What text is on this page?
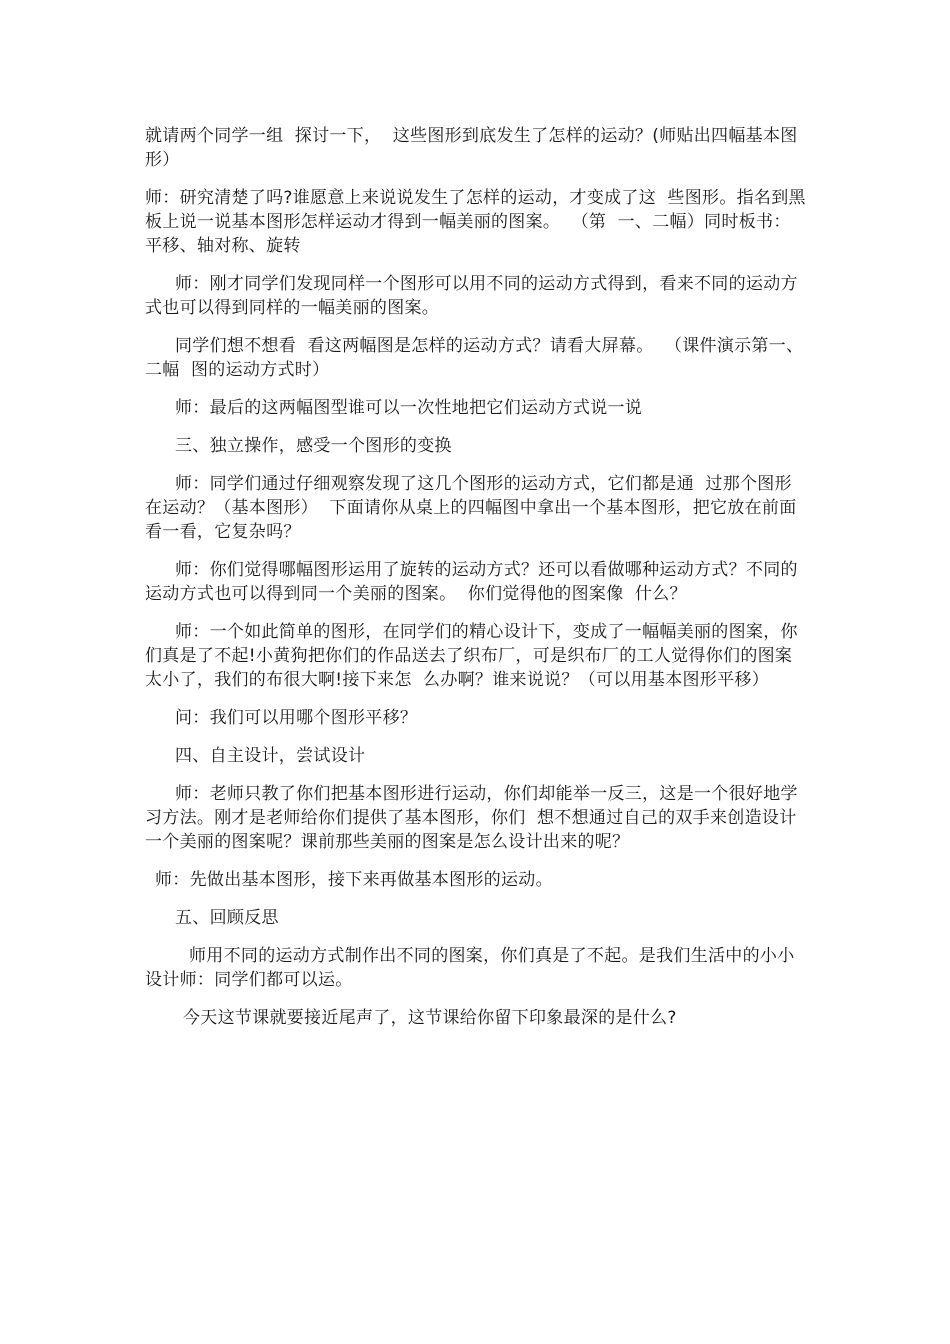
就请两个同学一组  探讨一下，  这些图形到底发生了怎样的运动？(师贴出四幅基本图形）

师：研究清楚了吗?谁愿意上来说说发生了怎样的运动，才变成了这  些图形。指名到黑板上说一说基本图形怎样运动才得到一幅美丽的图案。  （第  一、二幅）同时板书：平移、轴对称、旋转

师：刚才同学们发现同样一个图形可以用不同的运动方式得到，看来不同的运动方式也可以得到同样的一幅美丽的图案。

同学们想不想看  看这两幅图是怎样的运动方式？请看大屏幕。  （课件演示第一、二幅  图的运动方式时）

师：最后的这两幅图型谁可以一次性地把它们运动方式说一说

三、独立操作，感受一个图形的变换

师：同学们通过仔细观察发现了这几个图形的运动方式，它们都是通  过那个图形在运动？（基本图形）  下面请你从桌上的四幅图中拿出一个基本图形，把它放在前面看一看，它复杂吗？

师：你们觉得哪幅图形运用了旋转的运动方式？还可以看做哪种运动方式？不同的运动方式也可以得到同一个美丽的图案。  你们觉得他的图案像  什么？

师：一个如此简单的图形，在同学们的精心设计下，变成了一幅幅美丽的图案，你们真是了不起!小黄狗把你们的作品送去了织布厂，可是织布厂的工人觉得你们的图案太小了，我们的布很大啊!接下来怎  么办啊？谁来说说？（可以用基本图形平移）

问：我们可以用哪个图形平移？

四、自主设计，尝试设计

师：老师只教了你们把基本图形进行运动，你们却能举一反三，这是一个很好地学习方法。刚才是老师给你们提供了基本图形，你们  想不想通过自己的双手来创造设计一个美丽的图案呢？课前那些美丽的图案是怎么设计出来的呢？

师：先做出基本图形，接下来再做基本图形的运动。

五、回顾反思

师用不同的运动方式制作出不同的图案，你们真是了不起。是我们生活中的小小设计师：同学们都可以运。

今天这节课就要接近尾声了，这节课给你留下印象最深的是什么?
